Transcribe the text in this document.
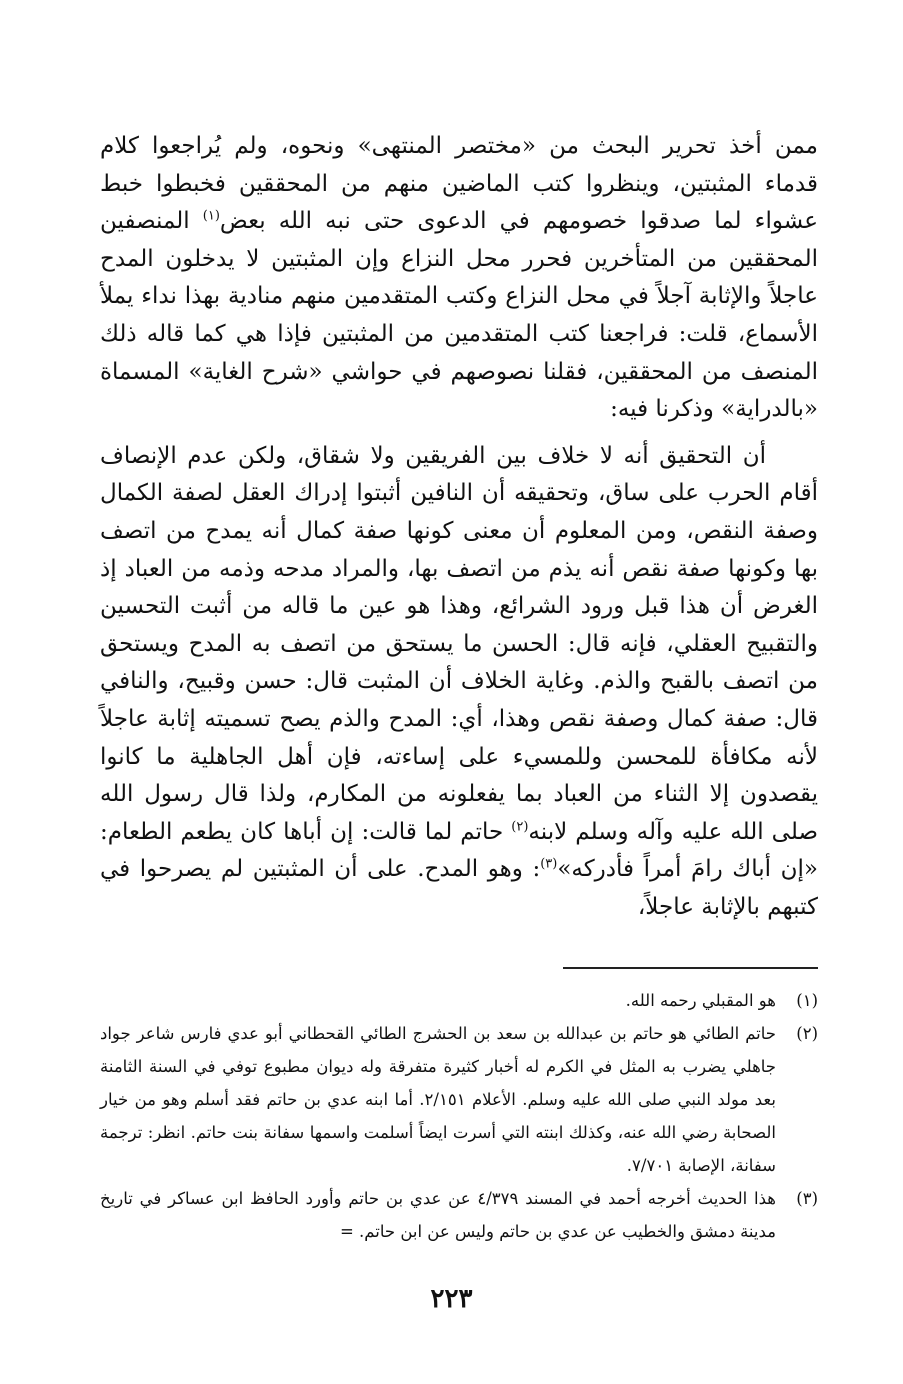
ممن أخذ تحرير البحث من «مختصر المنتهى» ونحوه، ولم يُراجعوا كلام قدماء المثبتين، وينظروا كتب الماضين منهم من المحققين فخبطوا خبط عشواء لما صدقوا خصومهم في الدعوى حتى نبه الله بعض$^{(١)}$ المنصفين المحققين من المتأخرين فحرر محل النزاع وإن المثبتين لا يدخلون المدح عاجلاً والإثابة آجلاً في محل النزاع وكتب المتقدمين منهم منادية بهذا نداء يملأ الأسماع، قلت: فراجعنا كتب المتقدمين من المثبتين فإذا هي كما قاله ذلك المنصف من المحققين، فقلنا نصوصهم في حواشي «شرح الغاية» المسماة «بالدراية» وذكرنا فيه:

أن التحقيق أنه لا خلاف بين الفريقين ولا شقاق، ولكن عدم الإنصاف أقام الحرب على ساق، وتحقيقه أن النافين أثبتوا إدراك العقل لصفة الكمال وصفة النقص، ومن المعلوم أن معنى كونها صفة كمال أنه يمدح من اتصف بها وكونها صفة نقص أنه يذم من اتصف بها، والمراد مدحه وذمه من العباد إذ الغرض أن هذا قبل ورود الشرائع، وهذا هو عين ما قاله من أثبت التحسين والتقبيح العقلي، فإنه قال: الحسن ما يستحق من اتصف به المدح ويستحق من اتصف بالقبح والذم. وغاية الخلاف أن المثبت قال: حسن وقبيح، والنافي قال: صفة كمال وصفة نقص وهذا، أي: المدح والذم يصح تسميته إثابة عاجلاً لأنه مكافأة للمحسن وللمسيء على إساءته، فإن أهل الجاهلية ما كانوا يقصدون إلا الثناء من العباد بما يفعلونه من المكارم، ولذا قال رسول الله صلى الله عليه وآله وسلم لابنه$^{(٢)}$ حاتم لما قالت: إن أباها كان يطعم الطعام: «إن أباك رامَ أمراً فأدركه»$^{(٣)}$: وهو المدح. على أن المثبتين لم يصرحوا في كتبهم بالإثابة عاجلاً،

(١)
هو المقبلي رحمه الله.

(٢)
حاتم الطائي هو حاتم بن عبدالله بن سعد بن الحشرج الطائي القحطاني أبو عدي فارس شاعر جواد جاهلي يضرب به المثل في الكرم له أخبار كثيرة متفرقة وله ديوان مطبوع توفي في السنة الثامنة بعد مولد النبي صلى الله عليه وسلم. الأعلام ٢/١٥١. أما ابنه عدي بن حاتم فقد أسلم وهو من خيار الصحابة رضي الله عنه، وكذلك ابنته التي أسرت ايضاً أسلمت واسمها سفانة بنت حاتم. انظر: ترجمة سفانة، الإصابة ٧/٧٠١.

(٣)
هذا الحديث أخرجه أحمد في المسند ٤/٣٧٩ عن عدي بن حاتم وأورد الحافظ ابن عساكر في تاريخ مدينة دمشق والخطيب عن عدي بن حاتم وليس عن ابن حاتم. =

٢٢٣
